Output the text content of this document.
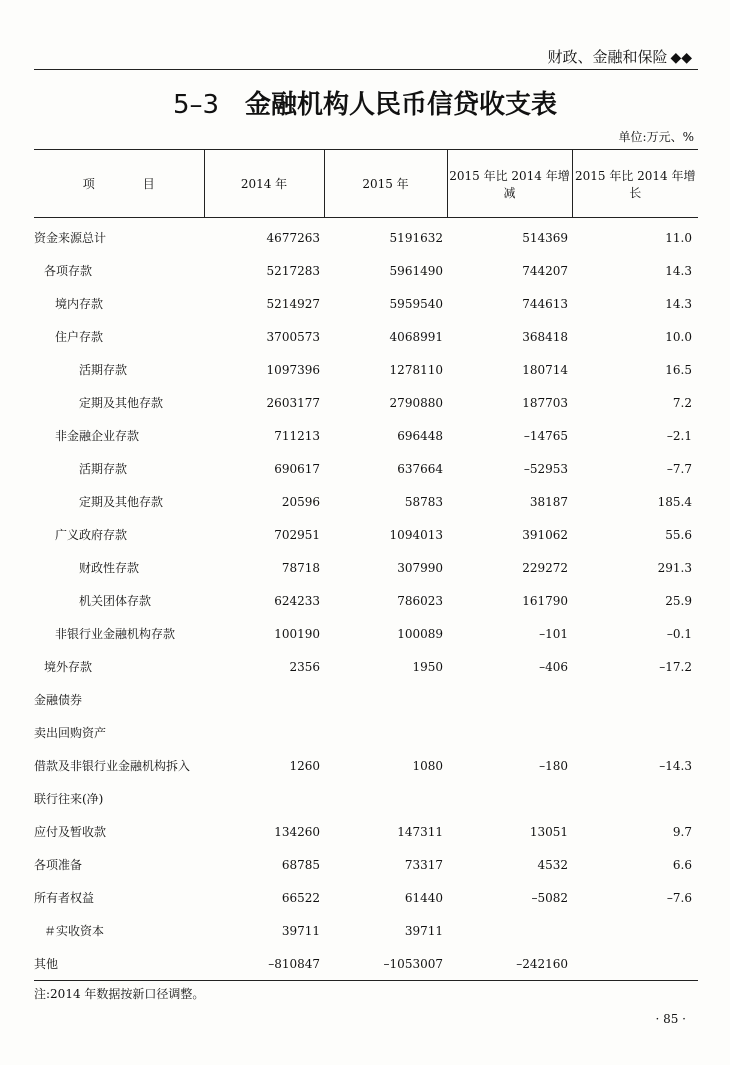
财政、金融和保险 ◆◆
5–3 金融机构人民币信贷收支表
单位:万元、%
项　目	2014 年	2015 年	2015 年比 2014 年增减	2015 年比 2014 年增长
资金来源总计	4677263	5191632	514369	11.0
各项存款	5217283	5961490	744207	14.3
境内存款	5214927	5959540	744613	14.3
住户存款	3700573	4068991	368418	10.0
活期存款	1097396	1278110	180714	16.5
定期及其他存款	2603177	2790880	187703	7.2
非金融企业存款	711213	696448	–14765	–2.1
活期存款	690617	637664	–52953	–7.7
定期及其他存款	20596	58783	38187	185.4
广义政府存款	702951	1094013	391062	55.6
财政性存款	78718	307990	229272	291.3
机关团体存款	624233	786023	161790	25.9
非银行业金融机构存款	100190	100089	–101	–0.1
境外存款	2356	1950	–406	–17.2
金融债券				
卖出回购资产				
借款及非银行业金融机构拆入	1260	1080	–180	–14.3
联行往来(净)				
应付及暂收款	134260	147311	13051	9.7
各项准备	68785	73317	4532	6.6
所有者权益	66522	61440	–5082	–7.6
＃实收资本	39711	39711		
其他	–810847	–1053007	–242160	
注:2014 年数据按新口径调整。
· 85 ·
